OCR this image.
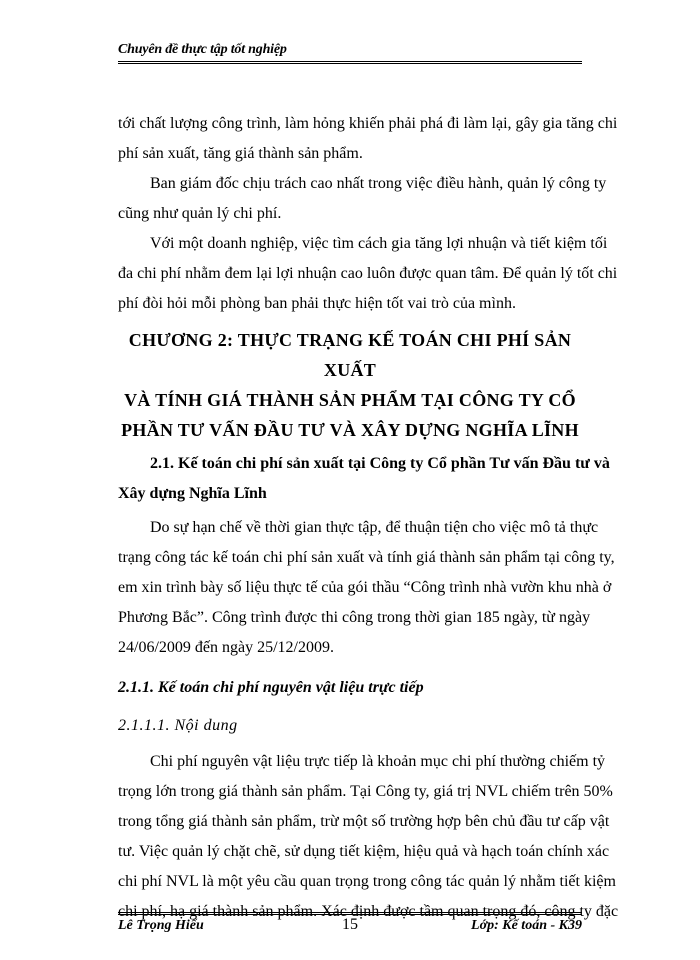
Chuyên đề thực tập tốt nghiệp
tới chất lượng công trình, làm hỏng khiến phải phá đi làm lại, gây gia tăng chi
phí sản xuất, tăng giá thành sản phẩm.
Ban giám đốc chịu trách cao nhất trong việc điều hành, quản lý công ty
cũng như quản lý chi phí.
Với một doanh nghiệp, việc tìm cách gia tăng lợi nhuận và tiết kiệm tối
đa chi phí nhằm đem lại lợi nhuận cao luôn được quan tâm. Để quản lý tốt chi
phí đòi hỏi mỗi phòng ban phải thực hiện tốt vai trò của mình.
CHƯƠNG 2: THỰC TRẠNG KẾ TOÁN CHI PHÍ SẢN XUẤT
VÀ TÍNH GIÁ THÀNH SẢN PHẨM TẠI CÔNG TY CỔ
PHẦN TƯ VẤN ĐẦU TƯ VÀ XÂY DỰNG NGHĨA LĨNH
2.1. Kế toán chi phí sản xuất tại Công ty Cổ phần Tư vấn Đầu tư và
Xây dựng Nghĩa Lĩnh
Do sự hạn chế về thời gian thực tập, để thuận tiện cho việc mô tả thực
trạng công tác kế toán chi phí sản xuất và tính giá thành sản phẩm tại công ty,
em xin trình bày số liệu thực tế của gói thầu “Công trình nhà vườn khu nhà ở
Phương Bắc”. Công trình được thi công trong thời gian 185 ngày, từ ngày
24/06/2009 đến ngày 25/12/2009.
2.1.1. Kế toán chi phí nguyên vật liệu trực tiếp
2.1.1.1. Nội dung
Chi phí nguyên vật liệu trực tiếp là khoản mục chi phí thường chiếm tỷ
trọng lớn trong giá thành sản phẩm. Tại Công ty, giá trị NVL chiếm trên 50%
trong tổng giá thành sản phẩm, trừ một số trường hợp bên chủ đầu tư cấp vật
tư. Việc quản lý chặt chẽ, sử dụng tiết kiệm, hiệu quả và hạch toán chính xác
chi phí NVL là một yêu cầu quan trọng trong công tác quản lý nhằm tiết kiệm
chi phí, hạ giá thành sản phẩm. Xác định được tầm quan trọng đó, công ty đặc
Lê Trọng Hiếu	15	Lớp: Kế toán - K39
